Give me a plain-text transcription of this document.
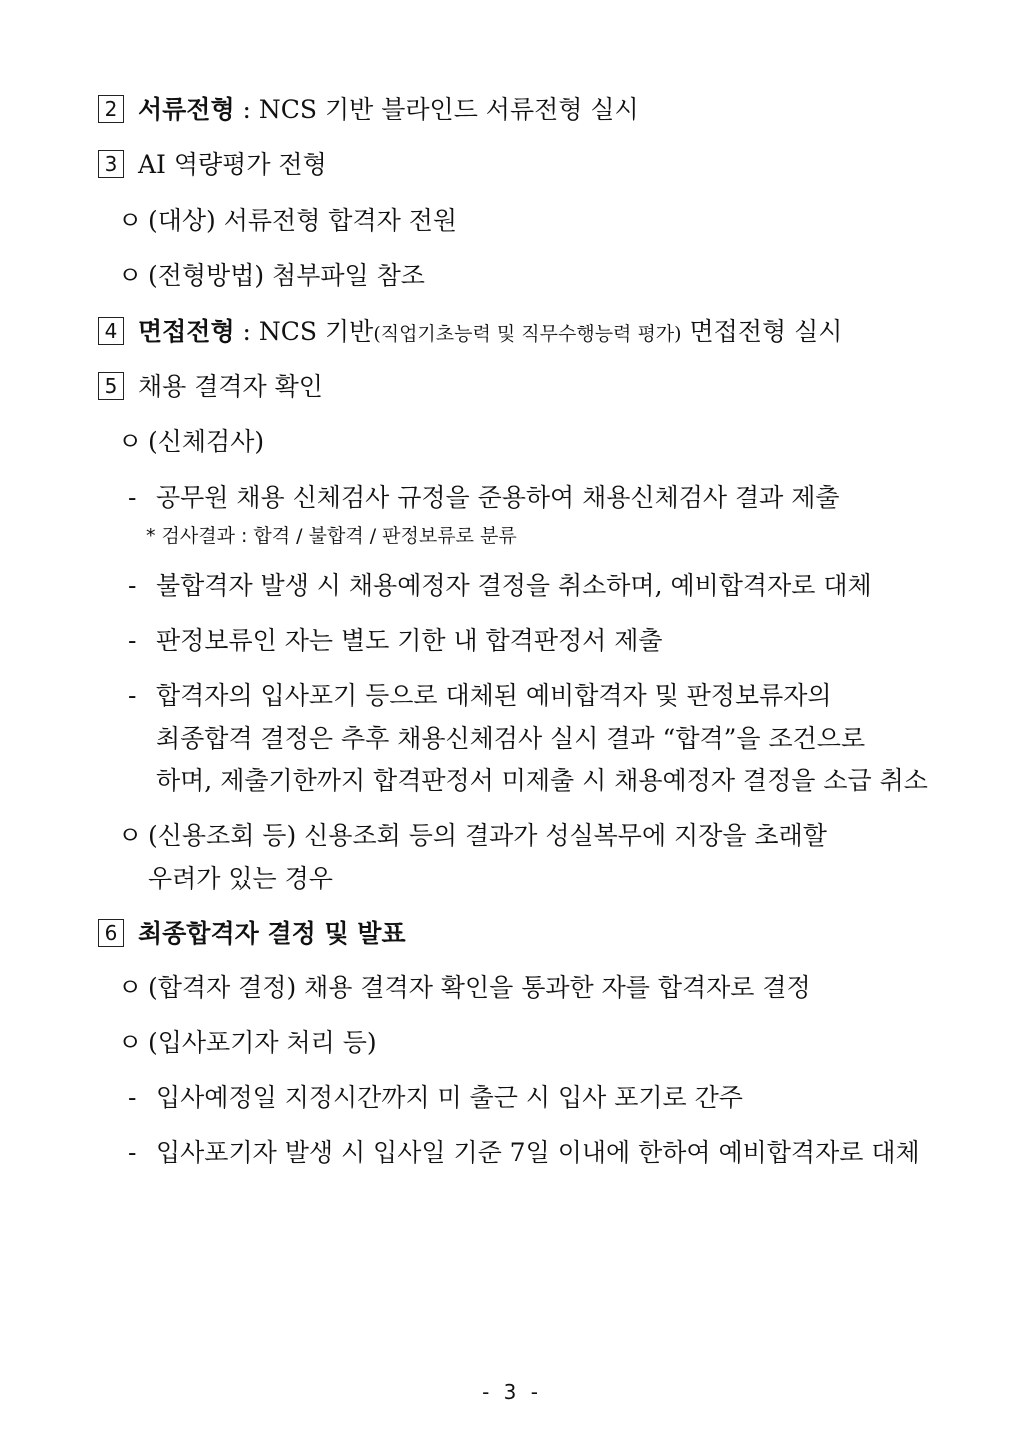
2 서류전형 : NCS 기반 블라인드 서류전형 실시
3 AI 역량평가 전형
ㅇ (대상) 서류전형 합격자 전원
ㅇ (전형방법) 첨부파일 참조
4 면접전형 : NCS 기반(직업기초능력 및 직무수행능력 평가) 면접전형 실시
5 채용 결격자 확인
ㅇ (신체검사)
- 공무원 채용 신체검사 규정을 준용하여 채용신체검사 결과 제출
* 검사결과 : 합격 / 불합격 / 판정보류로 분류
- 불합격자 발생 시 채용예정자 결정을 취소하며, 예비합격자로 대체
- 판정보류인 자는 별도 기한 내 합격판정서 제출
- 합격자의 입사포기 등으로 대체된 예비합격자 및 판정보류자의
최종합격 결정은 추후 채용신체검사 실시 결과 “합격”을 조건으로
하며, 제출기한까지 합격판정서 미제출 시 채용예정자 결정을 소급 취소
ㅇ (신용조회 등) 신용조회 등의 결과가 성실복무에 지장을 초래할
우려가 있는 경우
6 최종합격자 결정 및 발표
ㅇ (합격자 결정) 채용 결격자 확인을 통과한 자를 합격자로 결정
ㅇ (입사포기자 처리 등)
- 입사예정일 지정시간까지 미 출근 시 입사 포기로 간주
- 입사포기자 발생 시 입사일 기준 7일 이내에 한하여 예비합격자로 대체
- 3 -
